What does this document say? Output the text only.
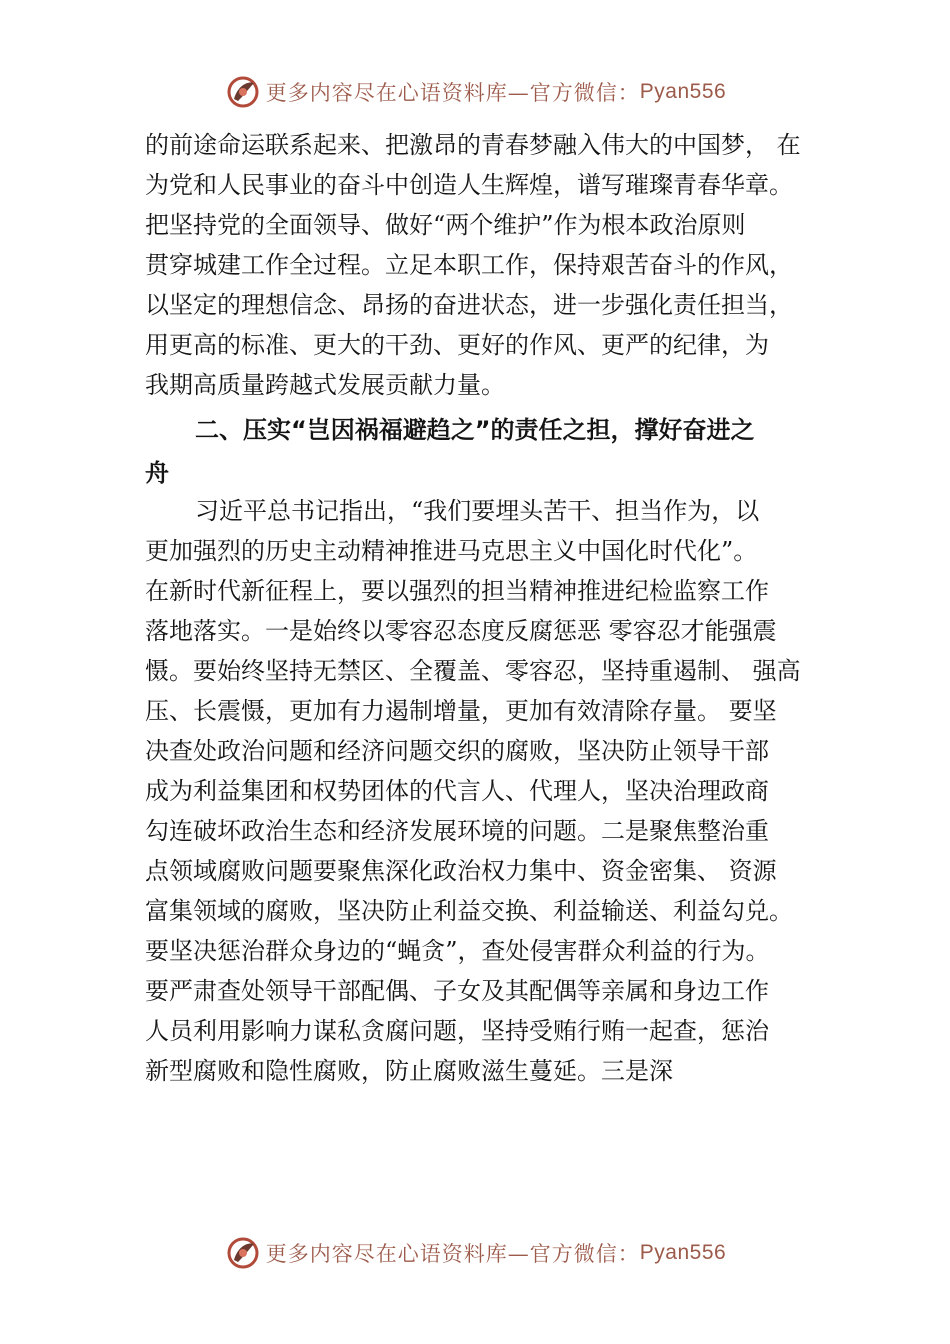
更多内容尽在心语资料库—官方微信： Pyan556
的前途命运联系起来、把激昂的青春梦融入伟大的中国梦， 在
为党和人民事业的奋斗中创造人生辉煌，谱写璀璨青春华章。
把坚持党的全面领导、做好“两个维护”作为根本政治原则
贯穿城建工作全过程。立足本职工作，保持艰苦奋斗的作风，
以坚定的理想信念、昂扬的奋进状态，进一步强化责任担当，
用更高的标准、更大的干劲、更好的作风、更严的纪律，为
我期高质量跨越式发展贡献力量。
二、压实“岂因祸福避趋之”的责任之担，撑好奋进之
舟
习近平总书记指出，“我们要埋头苦干、担当作为，以
更加强烈的历史主动精神推进马克思主义中国化时代化”。
在新时代新征程上，要以强烈的担当精神推进纪检监察工作
落地落实。一是始终以零容忍态度反腐惩恶 零容忍才能强震
慑。要始终坚持无禁区、全覆盖、零容忍，坚持重遏制、 强高
压、长震慑，更加有力遏制增量，更加有效清除存量。 要坚
决查处政治问题和经济问题交织的腐败，坚决防止领导干部
成为利益集团和权势团体的代言人、代理人，坚决治理政商
勾连破坏政治生态和经济发展环境的问题。二是聚焦整治重
点领域腐败问题要聚焦深化政治权力集中、资金密集、 资源
富集领域的腐败，坚决防止利益交换、利益输送、利益勾兑。
要坚决惩治群众身边的“蝇贪”，查处侵害群众利益的行为。
要严肃查处领导干部配偶、子女及其配偶等亲属和身边工作
人员利用影响力谋私贪腐问题，坚持受贿行贿一起查，惩治
新型腐败和隐性腐败，防止腐败滋生蔓延。三是深
更多内容尽在心语资料库—官方微信： Pyan556
